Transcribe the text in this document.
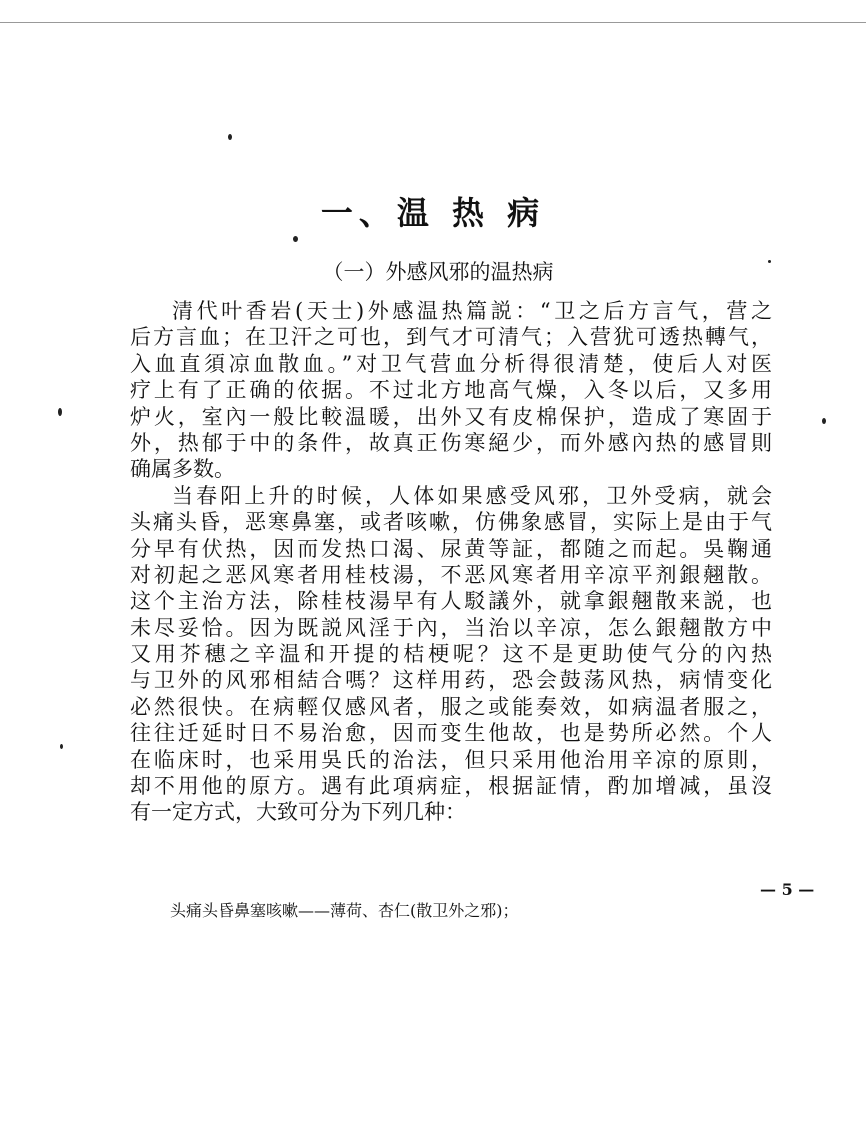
一、温 热 病
（一）外感风邪的温热病
清代叶香岩(天士)外感温热篇説：“卫之后方言气，营之
后方言血；在卫汗之可也，到气才可清气；入营犹可透热轉气，
入血直須凉血散血。”对卫气营血分析得很清楚，使后人对医
疗上有了正确的依据。不过北方地高气燥，入冬以后，又多用
炉火，室內一般比較温暖，出外又有皮棉保护，造成了寒固于
外，热郁于中的条件，故真正伤寒絕少，而外感內热的感冒則
确属多数。
当春阳上升的时候，人体如果感受风邪，卫外受病，就会
头痛头昏，恶寒鼻塞，或者咳嗽，仿佛象感冒，实际上是由于气
分早有伏热，因而发热口渴、尿黄等証，都随之而起。吳鞠通
对初起之恶风寒者用桂枝湯，不恶风寒者用辛凉平剂銀翹散。
这个主治方法，除桂枝湯早有人駁議外，就拿銀翹散来説，也
未尽妥恰。因为既説风淫于內，当治以辛凉，怎么銀翹散方中
又用芥穗之辛温和开提的桔梗呢？这不是更助使气分的內热
与卫外的风邪相結合嗎？这样用药，恐会鼓荡风热，病情变化
必然很快。在病輕仅感风者，服之或能奏效，如病温者服之，
往往迁延时日不易治愈，因而变生他故，也是势所必然。个人
在临床时，也采用吳氏的治法，但只采用他治用辛凉的原則，
却不用他的原方。遇有此項病症，根据証情，酌加增减，虽沒
有一定方式，大致可分为下列几种：
头痛头昏鼻塞咳嗽——薄荷、杏仁(散卫外之邪)；
— 5 —
